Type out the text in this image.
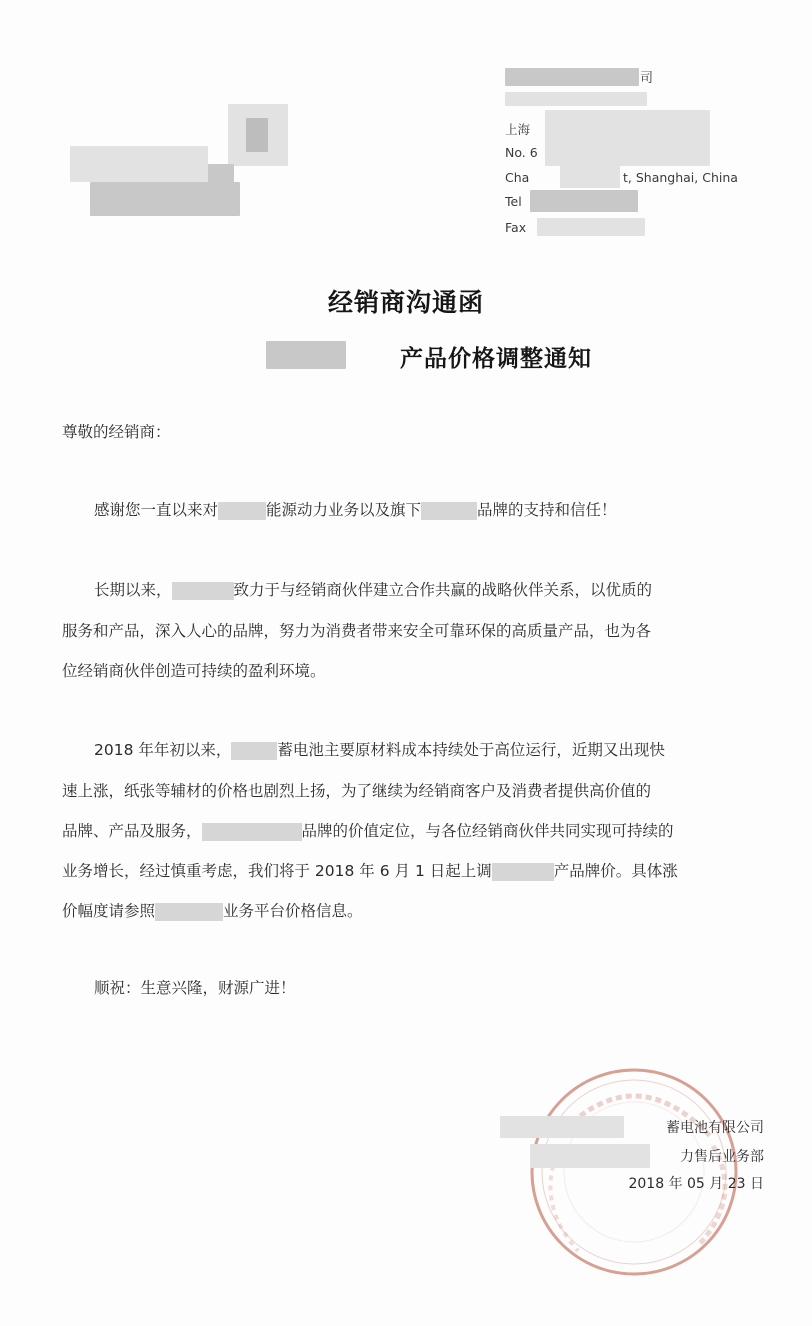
司
上海
No. 6
Cha	t, Shanghai, China
Tel
Fax
经销商沟通函
产品价格调整通知
尊敬的经销商：
感谢您一直以来对	能源动力业务以及旗下	品牌的支持和信任！
长期以来，	致力于与经销商伙伴建立合作共赢的战略伙伴关系，以优质的
服务和产品，深入人心的品牌，努力为消费者带来安全可靠环保的高质量产品，也为各
位经销商伙伴创造可持续的盈利环境。
2018 年年初以来，	蓄电池主要原材料成本持续处于高位运行，近期又出现快
速上涨，纸张等辅材的价格也剧烈上扬，为了继续为经销商客户及消费者提供高价值的
品牌、产品及服务，	品牌的价值定位，与各位经销商伙伴共同实现可持续的
业务增长，经过慎重考虑，我们将于 2018 年 6 月 1 日起上调	产品牌价。具体涨
价幅度请参照	业务平台价格信息。
顺祝：生意兴隆，财源广进！
蓄电池有限公司
力售后业务部
2018 年 05 月 23 日
